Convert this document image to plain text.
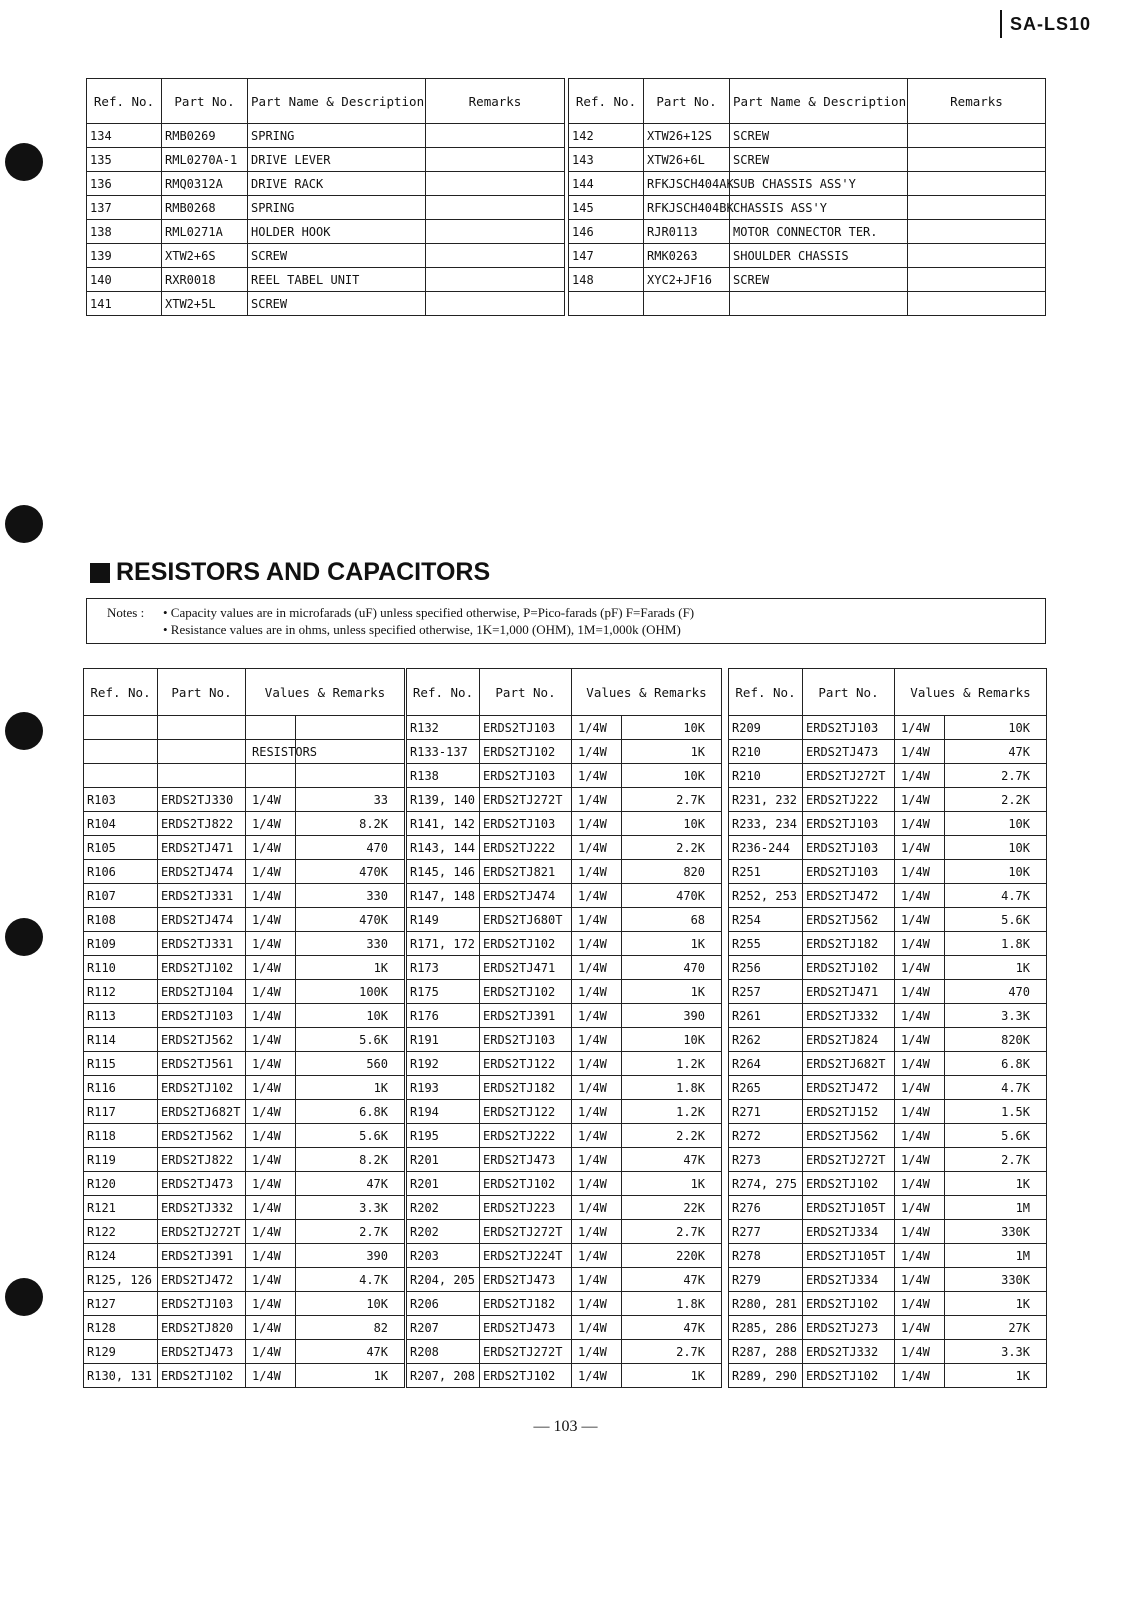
SA-LS10
Ref. No.	Part No.	Part Name & Description	Remarks
134	RMB0269	SPRING	
135	RML0270A-1	DRIVE LEVER	
136	RMQ0312A	DRIVE RACK	
137	RMB0268	SPRING	
138	RML0271A	HOLDER HOOK	
139	XTW2+6S	SCREW	
140	RXR0018	REEL TABEL UNIT	
141	XTW2+5L	SCREW	
Ref. No.	Part No.	Part Name & Description	Remarks
142	XTW26+12S	SCREW	
143	XTW26+6L	SCREW	
144	RFKJSCH404AK	SUB CHASSIS ASS'Y	
145	RFKJSCH404BK	CHASSIS ASS'Y	
146	RJR0113	MOTOR CONNECTOR TER.	
147	RMK0263	SHOULDER CHASSIS	
148	XYC2+JF16	SCREW	

RESISTORS AND CAPACITORS
Notes : • Capacity values are in microfarads (uF) unless specified otherwise, P=Pico-farads (pF) F=Farads (F)
• Resistance values are in ohms, unless specified otherwise, 1K=1,000 (OHM), 1M=1,000k (OHM)
Ref. No.	Part No.	Values & Remarks	

		RESISTORS	

R103	ERDS2TJ330	1/4W	33
R104	ERDS2TJ822	1/4W	8.2K
R105	ERDS2TJ471	1/4W	470
R106	ERDS2TJ474	1/4W	470K
R107	ERDS2TJ331	1/4W	330
R108	ERDS2TJ474	1/4W	470K
R109	ERDS2TJ331	1/4W	330
R110	ERDS2TJ102	1/4W	1K
R112	ERDS2TJ104	1/4W	100K
R113	ERDS2TJ103	1/4W	10K
R114	ERDS2TJ562	1/4W	5.6K
R115	ERDS2TJ561	1/4W	560
R116	ERDS2TJ102	1/4W	1K
R117	ERDS2TJ682T	1/4W	6.8K
R118	ERDS2TJ562	1/4W	5.6K
R119	ERDS2TJ822	1/4W	8.2K
R120	ERDS2TJ473	1/4W	47K
R121	ERDS2TJ332	1/4W	3.3K
R122	ERDS2TJ272T	1/4W	2.7K
R124	ERDS2TJ391	1/4W	390
R125, 126	ERDS2TJ472	1/4W	4.7K
R127	ERDS2TJ103	1/4W	10K
R128	ERDS2TJ820	1/4W	82
R129	ERDS2TJ473	1/4W	47K
R130, 131	ERDS2TJ102	1/4W	1K
Ref. No.	Part No.	Values & Remarks	
R132	ERDS2TJ103	1/4W	10K
R133-137	ERDS2TJ102	1/4W	1K
R138	ERDS2TJ103	1/4W	10K
R139, 140	ERDS2TJ272T	1/4W	2.7K
R141, 142	ERDS2TJ103	1/4W	10K
R143, 144	ERDS2TJ222	1/4W	2.2K
R145, 146	ERDS2TJ821	1/4W	820
R147, 148	ERDS2TJ474	1/4W	470K
R149	ERDS2TJ680T	1/4W	68
R171, 172	ERDS2TJ102	1/4W	1K
R173	ERDS2TJ471	1/4W	470
R175	ERDS2TJ102	1/4W	1K
R176	ERDS2TJ391	1/4W	390
R191	ERDS2TJ103	1/4W	10K
R192	ERDS2TJ122	1/4W	1.2K
R193	ERDS2TJ182	1/4W	1.8K
R194	ERDS2TJ122	1/4W	1.2K
R195	ERDS2TJ222	1/4W	2.2K
R201	ERDS2TJ473	1/4W	47K
R201	ERDS2TJ102	1/4W	1K
R202	ERDS2TJ223	1/4W	22K
R202	ERDS2TJ272T	1/4W	2.7K
R203	ERDS2TJ224T	1/4W	220K
R204, 205	ERDS2TJ473	1/4W	47K
R206	ERDS2TJ182	1/4W	1.8K
R207	ERDS2TJ473	1/4W	47K
R208	ERDS2TJ272T	1/4W	2.7K
R207, 208	ERDS2TJ102	1/4W	1K
Ref. No.	Part No.	Values & Remarks	
R209	ERDS2TJ103	1/4W	10K
R210	ERDS2TJ473	1/4W	47K
R210	ERDS2TJ272T	1/4W	2.7K
R231, 232	ERDS2TJ222	1/4W	2.2K
R233, 234	ERDS2TJ103	1/4W	10K
R236-244	ERDS2TJ103	1/4W	10K
R251	ERDS2TJ103	1/4W	10K
R252, 253	ERDS2TJ472	1/4W	4.7K
R254	ERDS2TJ562	1/4W	5.6K
R255	ERDS2TJ182	1/4W	1.8K
R256	ERDS2TJ102	1/4W	1K
R257	ERDS2TJ471	1/4W	470
R261	ERDS2TJ332	1/4W	3.3K
R262	ERDS2TJ824	1/4W	820K
R264	ERDS2TJ682T	1/4W	6.8K
R265	ERDS2TJ472	1/4W	4.7K
R271	ERDS2TJ152	1/4W	1.5K
R272	ERDS2TJ562	1/4W	5.6K
R273	ERDS2TJ272T	1/4W	2.7K
R274, 275	ERDS2TJ102	1/4W	1K
R276	ERDS2TJ105T	1/4W	1M
R277	ERDS2TJ334	1/4W	330K
R278	ERDS2TJ105T	1/4W	1M
R279	ERDS2TJ334	1/4W	330K
R280, 281	ERDS2TJ102	1/4W	1K
R285, 286	ERDS2TJ273	1/4W	27K
R287, 288	ERDS2TJ332	1/4W	3.3K
R289, 290	ERDS2TJ102	1/4W	1K
— 103 —
